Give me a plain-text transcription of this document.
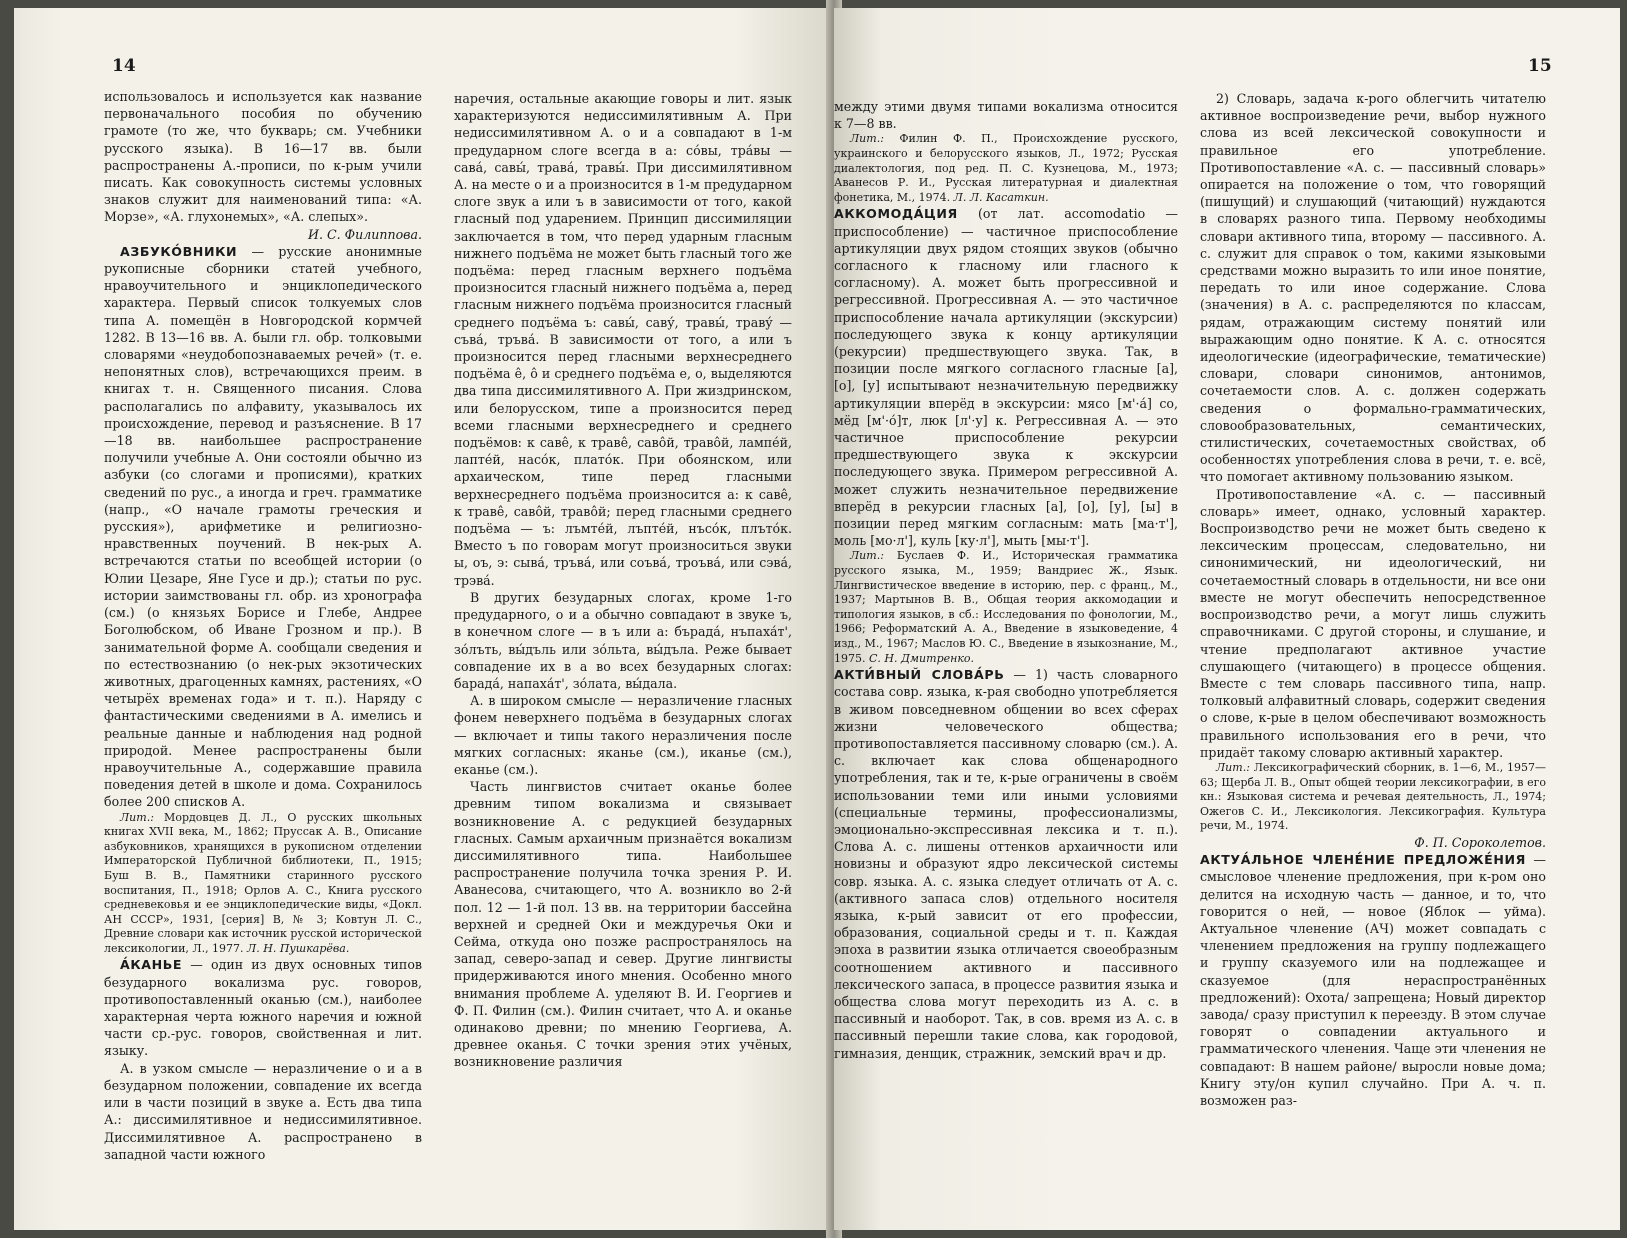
14

использовалось и используется как название первоначального пособия по обучению грамоте (то же, что букварь; см. Учебники русского языка). В 16—17 вв. были распространены А.-прописи, по к-рым учили писать. Как совокупность системы условных знаков служит для наименований типа: «А. Морзе», «А. глухонемых», «А. слепых».

И. С. Филиппова.

АЗБУКО́ВНИКИ — русские анонимные рукописные сборники статей учебного, нравоучительного и энциклопедического характера. Первый список толкуемых слов типа А. помещён в Новгородской кормчей 1282. В 13—16 вв. А. были гл. обр. толковыми словарями «неудобопознаваемых речей» (т. е. непонятных слов), встречающихся преим. в книгах т. н. Священного писания. Слова располагались по алфавиту, указывалось их происхождение, перевод и разъяснение. В 17—18 вв. наибольшее распространение получили учебные А. Они состояли обычно из азбуки (со слогами и прописями), кратких сведений по рус., а иногда и греч. грамматике (напр., «О начале грамоты греческия и русския»), арифметике и религиозно-нравственных поучений. В нек-рых А. встречаются статьи по всеобщей истории (о Юлии Цезаре, Яне Гусе и др.); статьи по рус. истории заимствованы гл. обр. из хронографа (см.) (о князьях Борисе и Глебе, Андрее Боголюбском, об Иване Грозном и пр.). В занимательной форме А. сообщали сведения и по естествознанию (о нек-рых экзотических животных, драгоценных камнях, растениях, «О четырёх временах года» и т. п.). Наряду с фантастическими сведениями в А. имелись и реальные данные и наблюдения над родной природой. Менее распространены были нравоучительные А., содержавшие правила поведения детей в школе и дома. Сохранилось более 200 списков А.

Лит.: Мордовцев Д. Л., О русских школьных книгах XVII века, М., 1862; Пруссак А. В., Описание азбуковников, хранящихся в рукописном отделении Императорской Публичной библиотеки, П., 1915; Буш В. В., Памятники старинного русского воспитания, П., 1918; Орлов А. С., Книга русского средневековья и ее энциклопедические виды, «Докл. АН СССР», 1931, [серия] В, № 3; Ковтун Л. С., Древние словари как источник русской исторической лексикологии, Л., 1977. Л. Н. Пушкарёва.

А́КАНЬЕ — один из двух основных типов безударного вокализма рус. говоров, противопоставленный оканью (см.), наиболее характерная черта южного наречия и южной части ср.-рус. говоров, свойственная и лит. языку.

А. в узком смысле — неразличение о и а в безударном положении, совпадение их всегда или в части позиций в звуке а. Есть два типа А.: диссимилятивное и недиссимилятивное. Диссимилятивное А. распространено в западной части южного

наречия, остальные акающие говоры и лит. язык характеризуются недиссимилятивным А. При недиссимилятивном А. о и а совпадают в 1-м предударном слоге всегда в а: со́вы, тра́вы — сава́, савы́, трава́, травы́. При диссимилятивном А. на месте о и а произносится в 1-м предударном слоге звук а или ъ в зависимости от того, какой гласный под ударением. Принцип диссимиляции заключается в том, что перед ударным гласным нижнего подъёма не может быть гласный того же подъёма: перед гласным верхнего подъёма произносится гласный нижнего подъёма а, перед гласным нижнего подъёма произносится гласный среднего подъёма ъ: савы́, саву́, травы́, траву́ — съва́, тръва́. В зависимости от того, а или ъ произносится перед гласными верхнесреднего подъёма е̂, о̂ и среднего подъёма е, о, выделяются два типа диссимилятивного А. При жиздринском, или белорусском, типе а произносится перед всеми гласными верхнесреднего и среднего подъёмов: к саве̂, к траве̂, саво̂й, траво̂й, лампе́й, лапте́й, насо́к, плато́к. При обоянском, или архаическом, типе перед гласными верхнесреднего подъёма произносится а: к саве̂, к траве̂, саво̂й, траво̂й; перед гласными среднего подъёма — ъ: лъмте́й, лъпте́й, нъсо́к, плъто́к. Вместо ъ по говорам могут произноситься звуки ы, оъ, э: сыва́, тръва́, или соъва́, троъва́, или сэва́, трэва́.

В других безударных слогах, кроме 1-го предударного, о и а обычно совпадают в звуке ъ, в конечном слоге — в ъ или а: бърада́, нъпаха́т', зо́лъть, вы́дъль или зо́льта, вы́дъла. Реже бывает совпадение их в а во всех безударных слогах: барада́, напаха́т', зо́лата, вы́дала.

А. в широком смысле — неразличение гласных фонем неверхнего подъёма в безударных слогах — включает и типы такого неразличения после мягких согласных: яканье (см.), иканье (см.), еканье (см.).

Часть лингвистов считает оканье более древним типом вокализма и связывает возникновение А. с редукцией безударных гласных. Самым архаичным признаётся вокализм диссимилятивного типа. Наибольшее распространение получила точка зрения Р. И. Аванесова, считающего, что А. возникло во 2-й пол. 12 — 1-й пол. 13 вв. на территории бассейна верхней и средней Оки и междуречья Оки и Сейма, откуда оно позже распространялось на запад, северо-запад и север. Другие лингвисты придерживаются иного мнения. Особенно много внимания проблеме А. уделяют В. И. Георгиев и Ф. П. Филин (см.). Филин считает, что А. и оканье одинаково древни; по мнению Георгиева, А. древнее оканья. С точки зрения этих учёных, возникновение различия

15

между этими двумя типами вокализма относится к 7—8 вв.

Лит.: Филин Ф. П., Происхождение русского, украинского и белорусского языков, Л., 1972; Русская диалектология, под ред. П. С. Кузнецова, М., 1973; Аванесов Р. И., Русская литературная и диалектная фонетика, М., 1974. Л. Л. Касаткин.

АККОМОДА́ЦИЯ (от лат. accomodatio — приспособление) — частичное приспособление артикуляции двух рядом стоящих звуков (обычно согласного к гласному или гласного к согласному). А. может быть прогрессивной и регрессивной. Прогрессивная А. — это частичное приспособление начала артикуляции (экскурсии) последующего звука к концу артикуляции (рекурсии) предшествующего звука. Так, в позиции после мягкого согласного гласные [а], [о], [у] испытывают незначительную передвижку артикуляции вперёд в экскурсии: мясо [м'·а́] со, мёд [м'·о́]т, люк [л'·у] к. Регрессивная А. — это частичное приспособление рекурсии предшествующего звука к экскурсии последующего звука. Примером регрессивной А. может служить незначительное передвижение вперёд в рекурсии гласных [а], [о], [у], [ы] в позиции перед мягким согласным: мать [ма·т'], моль [мо·л'], куль [ку·л'], мыть [мы·т'].

Лит.: Буслаев Ф. И., Историческая грамматика русского языка, М., 1959; Вандриес Ж., Язык. Лингвистическое введение в историю, пер. с франц., М., 1937; Мартынов В. В., Общая теория аккомодации и типология языков, в сб.: Исследования по фонологии, М., 1966; Реформатский А. А., Введение в языковедение, 4 изд., М., 1967; Маслов Ю. С., Введение в языкознание, М., 1975. С. Н. Дмитренко.

АКТИ́ВНЫЙ СЛОВА́РЬ — 1) часть словарного состава совр. языка, к-рая свободно употребляется в живом повседневном общении во всех сферах жизни человеческого общества; противопоставляется пассивному словарю (см.). А. с. включает как слова общенародного употребления, так и те, к-рые ограничены в своём использовании теми или иными условиями (специальные термины, профессионализмы, эмоционально-экспрессивная лексика и т. п.). Слова А. с. лишены оттенков архаичности или новизны и образуют ядро лексической системы совр. языка. А. с. языка следует отличать от А. с. (активного запаса слов) отдельного носителя языка, к-рый зависит от его профессии, образования, социальной среды и т. п. Каждая эпоха в развитии языка отличается своеобразным соотношением активного и пассивного лексического запаса, в процессе развития языка и общества слова могут переходить из А. с. в пассивный и наоборот. Так, в сов. время из А. с. в пассивный перешли такие слова, как городовой, гимназия, денщик, стражник, земский врач и др.

2) Словарь, задача к-рого облегчить читателю активное воспроизведение речи, выбор нужного слова из всей лексической совокупности и правильное его употребление. Противопоставление «А. с. — пассивный словарь» опирается на положение о том, что говорящий (пишущий) и слушающий (читающий) нуждаются в словарях разного типа. Первому необходимы словари активного типа, второму — пассивного. А. с. служит для справок о том, какими языковыми средствами можно выразить то или иное понятие, передать то или иное содержание. Слова (значения) в А. с. распределяются по классам, рядам, отражающим систему понятий или выражающим одно понятие. К А. с. относятся идеологические (идеографические, тематические) словари, словари синонимов, антонимов, сочетаемости слов. А. с. должен содержать сведения о формально-грамматических, словообразовательных, семантических, стилистических, сочетаемостных свойствах, об особенностях употребления слова в речи, т. е. всё, что помогает активному пользованию языком.

Противопоставление «А. с. — пассивный словарь» имеет, однако, условный характер. Воспроизводство речи не может быть сведено к лексическим процессам, следовательно, ни синонимический, ни идеологический, ни сочетаемостный словарь в отдельности, ни все они вместе не могут обеспечить непосредственное воспроизводство речи, а могут лишь служить справочниками. С другой стороны, и слушание, и чтение предполагают активное участие слушающего (читающего) в процессе общения. Вместе с тем словарь пассивного типа, напр. толковый алфавитный словарь, содержит сведения о слове, к-рые в целом обеспечивают возможность правильного использования его в речи, что придаёт такому словарю активный характер.

Лит.: Лексикографический сборник, в. 1—6, М., 1957—63; Щерба Л. В., Опыт общей теории лексикографии, в его кн.: Языковая система и речевая деятельность, Л., 1974; Ожегов С. И., Лексикология. Лексикография. Культура речи, М., 1974.

Ф. П. Сороколетов.

АКТУА́ЛЬНОЕ ЧЛЕНЕ́НИЕ ПРЕДЛОЖЕ́НИЯ — смысловое членение предложения, при к-ром оно делится на исходную часть — данное, и то, что говорится о ней, — новое (Яблок — уйма). Актуальное членение (АЧ) может совпадать с членением предложения на группу подлежащего и группу сказуемого или на подлежащее и сказуемое (для нераспространённых предложений): Охота/ запрещена; Новый директор завода/ сразу приступил к переезду. В этом случае говорят о совпадении актуального и грамматического членения. Чаще эти членения не совпадают: В нашем районе/ выросли новые дома; Книгу эту/он купил случайно. При А. ч. п. возможен раз-
